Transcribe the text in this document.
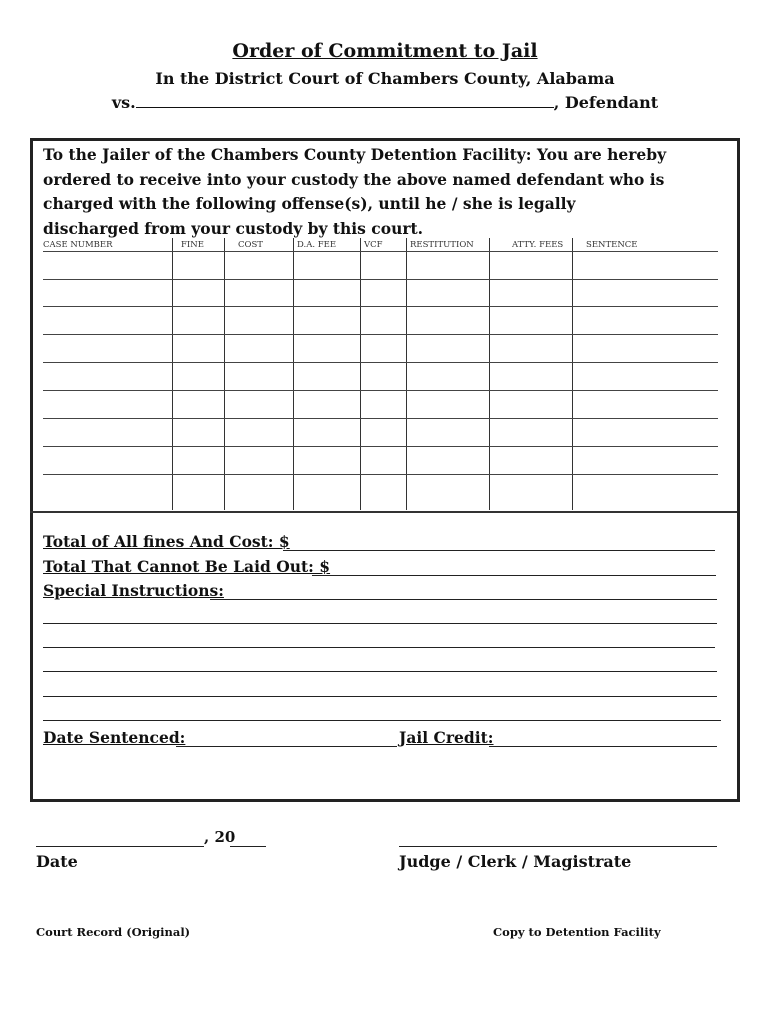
Order of Commitment to Jail
In the District Court of Chambers County, Alabama
vs.	, Defendant
To the Jailer of the Chambers County Detention Facility: You are hereby ordered to receive into your custody the above named defendant who is charged with the following offense(s), until he / she is legally discharged from your custody by this court.
CASE NUMBER	FINE	COST	D.A. FEE	VCF	RESTITUTION	ATTY. FEES	SENTENCE
Total of All fines And Cost: $
Total That Cannot Be Laid Out: $
Special Instructions:
Date Sentenced:	Jail Credit:
, 20
Date	Judge / Clerk / Magistrate
Court Record (Original)	Copy to Detention Facility
